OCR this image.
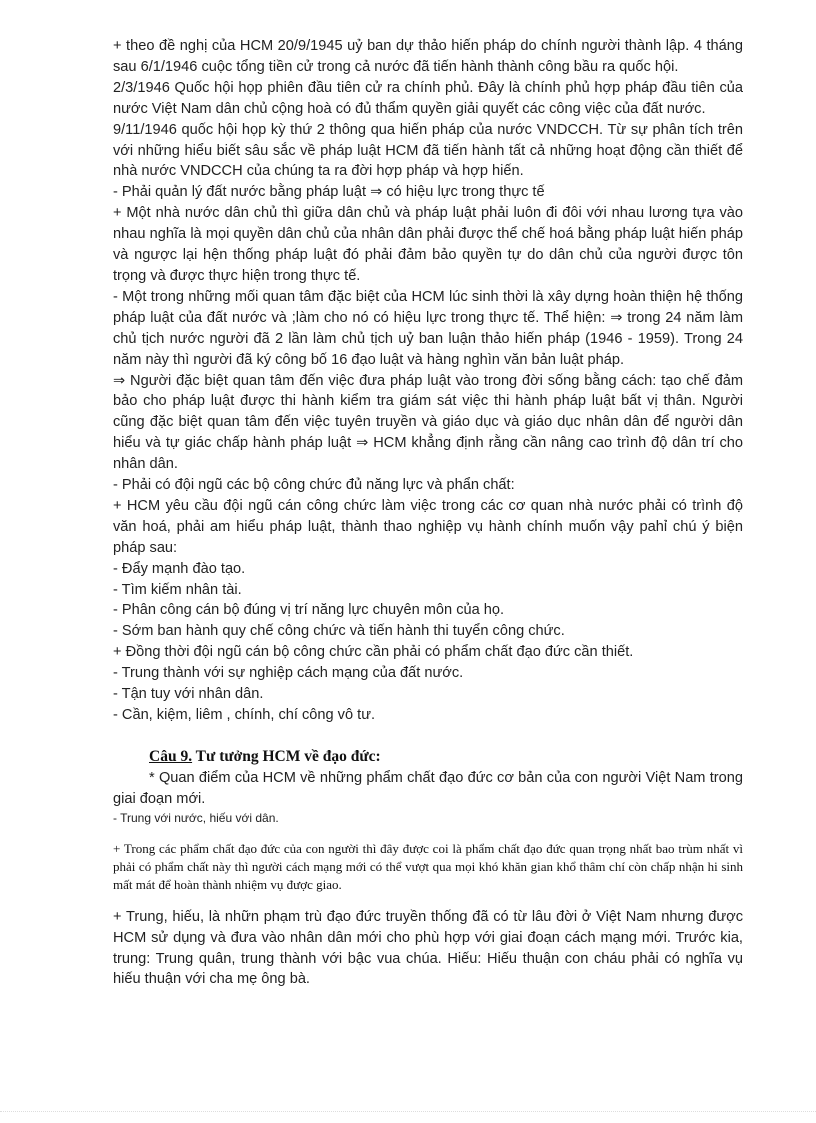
+ theo đề nghị của HCM 20/9/1945 uỷ ban dự thảo hiến pháp do chính người thành lập. 4 tháng sau 6/1/1946 cuộc tổng tiền cử trong cả nước đã tiến hành thành công bầu ra quốc hội.

2/3/1946 Quốc hội họp phiên đầu tiên cử ra chính phủ. Đây là chính phủ hợp pháp đầu tiên của nước Việt Nam dân chủ cộng hoà có đủ thẩm quyền giải quyết các công việc của đất nước.

9/11/1946 quốc hội họp kỳ thứ 2 thông qua hiến pháp của nước VNDCCH. Từ sự phân tích trên với những hiểu biết sâu sắc về pháp luật HCM đã tiến hành tất cả những hoạt động cần thiết để nhà nước VNDCCH của chúng ta ra đời hợp pháp và hợp hiến.

- Phải quản lý đất nước bằng pháp luật ⇒ có hiệu lực trong thực tế

+ Một nhà nước dân chủ thì giữa dân chủ và pháp luật phải luôn đi đôi với nhau lương tựa vào nhau nghĩa là mọi quyền dân chủ của nhân dân phải được thể chế hoá bằng pháp luật hiến pháp và ngược lại hện thống pháp luật đó phải đảm bảo quyền tự do dân chủ của người được tôn trọng và được thực hiện trong thực tế.

- Một trong những mối quan tâm đặc biệt của HCM lúc sinh thời là xây dựng hoàn thiện hệ thống pháp luật của đất nước và ;làm cho nó có hiệu lực trong thực tế. Thể hiện: ⇒ trong 24 năm làm chủ tịch nước người đã 2 lần làm chủ tịch uỷ ban luận thảo hiến pháp (1946 - 1959). Trong 24 năm này thì người đã ký công bố 16 đạo luật và hàng nghìn văn bản luật pháp.

⇒ Người đặc biệt quan tâm đến việc đưa pháp luật vào trong đời sống bằng cách: tạo chế đảm bảo cho pháp luật được thi hành kiểm tra giám sát việc thi hành pháp luật bất vị thân. Người cũng đặc biệt quan tâm đến việc tuyên truyền và giáo dục và giáo dục nhân dân để người dân hiểu và tự giác chấp hành pháp luật ⇒ HCM khẳng định rằng cần nâng cao trình độ dân trí cho nhân dân.

- Phải có đội ngũ các bộ công chức đủ năng lực và phẩn chất:

+ HCM yêu cầu đội ngũ cán công chức làm việc trong các cơ quan nhà nước phải có trình độ văn hoá, phải am hiểu pháp luật, thành thao nghiệp vụ hành chính muốn vậy pahỉ chú ý biện pháp sau:

- Đẩy mạnh đào tạo.

- Tìm kiếm nhân tài.

- Phân công cán bộ đúng vị trí năng lực chuyên môn của họ.

- Sớm ban hành quy chế công chức và tiến hành thi tuyển công chức.

+ Đồng thời đội ngũ cán bộ công chức cần phải có phẩm chất đạo đức cần thiết.

- Trung thành với sự nghiệp cách mạng của đất nước.

- Tận tuy với nhân dân.

- Cần, kiệm, liêm , chính, chí công vô tư.

Câu 9. Tư tưởng HCM về đạo đức:

* Quan điểm của HCM về những phẩm chất đạo đức cơ bản của con người Việt Nam trong giai đoạn mới.

- Trung với nước, hiếu với dân.

+ Trong các phẩm chất đạo đức của con người thì đây được coi là phẩm chất đạo đức quan trọng nhất bao trùm nhất vì phải có phẩm chất này thì người cách mạng mới có thể vượt qua mọi khó khăn gian khổ thâm chí còn chấp nhận hi sinh mất mát để hoàn thành nhiệm vụ được giao.

+ Trung, hiếu, là nhữn phạm trù đạo đức truyền thống đã có từ lâu đời ở Việt Nam nhưng được HCM sử dụng và đưa vào nhân dân mới cho phù hợp với giai đoạn cách mạng mới. Trước kia, trung: Trung quân, trung thành với bậc vua chúa. Hiếu: Hiếu thuận con cháu phải có nghĩa vụ hiếu thuận với cha mẹ ông bà.
